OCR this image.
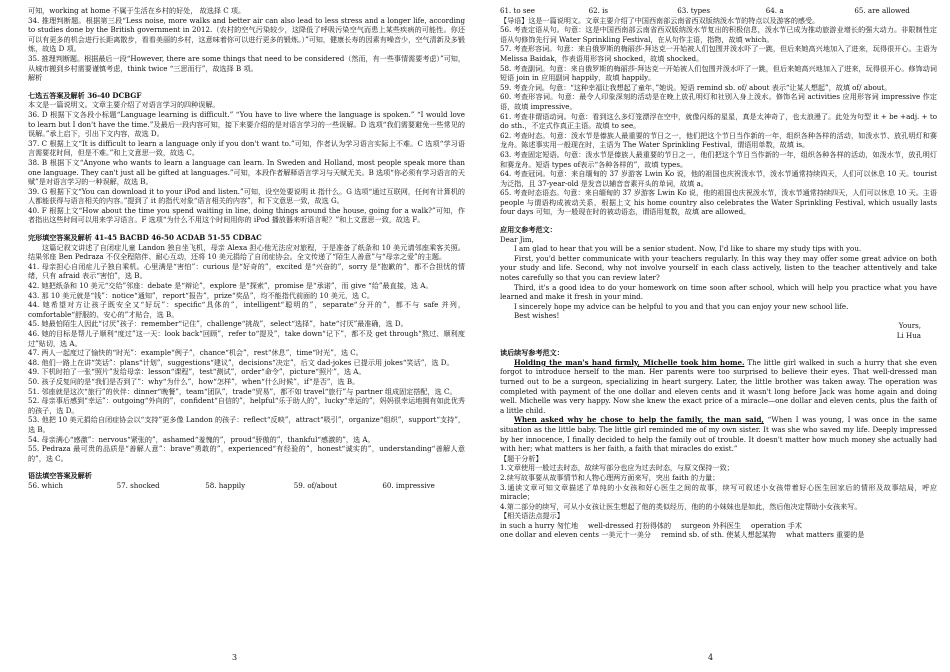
可知，working at home 不属于生活在乡村的好处， 故选择 C 项。

34. 推理判断题。根据第三段“Less noise, more walks and better air can also lead to less stress and a longer life, according to studies done by the British government in 2012.（农村的空气污染较少，这降低了呼吸污染空气而患上某些疾病的可能性。你还可以有更多的机会进行长距离散步，看看美丽的乡村，这意味着你可以进行更多的锻炼。）”可知，健康长寿的因素有噪音少，空气清新及多锻炼，故选 D 项。

35. 推理判断题。根据最后一段“However, there are some things that need to be considered（然而，有一些事情需要考虑）”可知，从城市搬到乡村需要谨慎考虑，think twice “三思而行”，故选择 B 项。

解析

七选五答案及解析 36-40 DCBGF

本文是一篇说明文。文章主要介绍了对语言学习的四种误解。

36. D 根据下文各段小标题“Language learning is difficult.” “You have to live where the language is spoken.” “I would love to learn but I don't have the time.”及最后一段内容可知，接下来要介绍的是对语言学习的一些误解。D 选项“我们需要避免一些常见的误解。”承上启下，引出下文内容，故选 D。

37. C 根据上文“It is difficult to learn a language only if you don't want to.”可知，作者认为学习语言实际上不难。C 选项“学习语言需要花时间，但是不难。”和上文意思一致，故选 C。

38. B 根据下文“Anyone who wants to learn a language can learn. In Sweden and Holland, most people speak more than one language. They can't just all be gifted at languages.”可知，本段作者解释语言学习与天赋无关。B 选项“你必须有学习语言的天赋”是对语言学习的一种误解，故选 B。

39. G 根据下文“You can download it to your iPod and listen.”可知，设空处要说明 it 指什么。G 选项“通过互联网，任何有计算机的人都能获得与语言相关的内容。”提到了 it 的指代对象“语言相关的内容”，和下文意思一致，故选 G。

40. F 根据上文“How about the time you spend waiting in line, doing things around the house, going for a walk?”可知，作者指出这些时间可以用来学习语言。F 选项“为什么不用这个时间用你的 iPod 播放器来听语言呢？”和上文意思一致，故选 F。

完形填空答案及解析 41-45 BACBD 46-50 ACDAB 51-55 CDBAC

这篇记叙文讲述了自闭症儿童 Landon 独自坐飞机，母亲 Alexa 担心他无法应对旅程，于是准备了纸条和 10 美元请邻座乘客关照。结果邻座 Ben Pedraza 不仅全程陪伴、耐心互动，还将 10 美元捐给了自闭症协会。全文传递了“陌生人善意”与“母亲之爱”的主题。

41. 母亲担心自闭症儿子独自乘机。心里满是“害怕”：curious 是“好奇的”，excited 是“兴奋的”，sorry 是“抱歉的”，都不合担忧的情绪，只有 afraid 表示“害怕”，选 B。

42. 她把纸条和 10 美元“交给”邻座：debate 是“辩论”，explore 是“探索”，promise 是“承诺”，而 give “给”最直接，选 A。

43. 那 10 美元就是“钱”：notice“通知”，report“报告”，prize“奖品”，均不能指代前面的 10 美元，选 C。

44. 她希望对方让孩子既安全又“好玩”：specific“具体的”，intelligent“聪明的”，separate“分开的”，都不与 safe 并列，comfortable“舒服的、安心的”才贴合，选 B。

45. 她最怕陌生人因此“讨厌”孩子：remember“记住”，challenge“挑战”，select“选择”，hate“讨厌”最准确，选 D。

46. 她的目标是帮儿子顺利“度过”这一天：look back“回顾”，refer to“提及”，take down“记下”，都不及 get through“熬过、顺利度过”贴切，选 A。

47. 两人一起度过了愉快的“时光”：example“例子”，chance“机会”，rest“休息”，time“时光”，选 C。

48. 他们一路上在讲“笑话”：plans“计划”，suggestions“建议”，decisions“决定”，后文 dad-jokes 已提示用 jokes“笑话”，选 D。

49. 下机时拍了一张“照片”发给母亲：lesson“课程”，test“测试”，order“命令”，picture“照片”，选 A。

50. 孩子反复问的是“我们是否到了”：why“为什么”，how“怎样”，when“什么时候”，if“是否”，选 B。

51. 邻座就是这次“旅行”的伙伴：dinner“晚餐”，team“团队”，trade“贸易”，都不如 travel“旅行”与 partner 组成固定搭配，选 C。

52. 母亲事后感到“幸运”：outgoing“外向的”，confident“自信的”，helpful“乐于助人的”，lucky“幸运的”，妈妈很幸运地拥有如此优秀的孩子，选 D。

53. 他把 10 美元捐给自闭症协会以“支持”更多像 Landon 的孩子：reflect“反映”，attract“吸引”，organize“组织”，support“支持”，选 B。

54. 母亲满心“感激”：nervous“紧张的”，ashamed“羞愧的”，proud“骄傲的”，thankful“感激的”，选 A。

55. Pedraza 最可贵的品质是“善解人意”：brave“勇敢的”，experienced“有经验的”，honest“诚实的”，understanding“善解人意的”，选 C。

语法填空答案及解析

56. which	57. shocked	58. happily	59. of/about	60. impressive
61. to see	62. is	63. types	64. a	65. are allowed

【导语】这是一篇说明文。文章主要介绍了中国西南部云南省西双版纳泼水节的特点以及游客的感受。

56. 考查定语从句。句意：这是中国西南部云南省西双版纳泼水节复出的积极信息，泼水节已成为推动旅游业增长的强大动力。非限制性定语从句修饰先行词 Water Sprinkling Festival，在从句作主语，指物，故填 which。

57. 考查形容词。句意：来自俄罗斯的梅丽莎·拜达克一开始被人们包围并泼水吓了一跳，但后来她高兴地加入了进来，玩得很开心。主语为 Melissa Baidak，作表语用形容词 shocked，故填 shocked。

58. 考查副词。句意：来自俄罗斯的梅丽莎·拜达克一开始被人们包围并泼水吓了一跳，但后来她高兴地加入了进来，玩得很开心。修饰动词短语 join in 应用副词 happily，故填 happily。

59. 考查介词。句意：“这种幸福让我想起了童年，”她说。短语 remind sb. of/ about 表示“让某人想起”，故填 of/ about。

60. 考查形容词。句意：最令人印象深刻的活动是在晚上放孔明灯和社别入身上泼水。修饰名词 activities 应用形容词 impressive 作定语，故填 impressive。

61. 考查非谓语动词。句意：看到这么多灯笼漂浮在空中，就像闪烁的星星，真是太神奇了，也太浪漫了。此处为句型 it + be +adj. + to do sth.，不定式作真正主语。故填 to see。

62. 考查时态。句意：泼水节是傣族人最重要的节日之一，他们把这个节日当作新的一年，组织各种各样的活动，如泼水节、放孔明灯和赛龙舟。陈述事实用一般现在时，主语为 The Water Sprinkling Festival，谓语用单数，故填 is。

63. 考查固定短语。句意：泼水节是傣族人最重要的节日之一，他们把这个节日当作新的一年，组织各种各样的活动，如泼水节，放孔明灯和赛龙舟。短语 types of表示“各种各样的”，故填 types。

64. 考查冠词。句意：来自缅甸的 37 岁游客 Lwin Ko 说，他的祖国也庆祝泼水节，泼水节通常持续四天，人们可以休息 10 天。tourist 为泛指，且 37-year-old 是发音以辅音音素开头的单词，故填 a。

65. 考查时态语态。句意：来自缅甸的 37 岁游客 Lwin Ko 说，他的祖国也庆祝泼水节，泼水节通常持续四天，人们可以休息 10 天。主语 people 与谓语构成被动关系，根据上文 his home country also celebrates the Water Sprinkling Festival, which usually lasts four days 可知，为一般现在时的被动语态，谓语用复数，故填 are allowed。

应用文参考范文：

Dear Jim,

I am glad to hear that you will be a senior student. Now, I'd like to share my study tips with you.

First, you'd better communicate with your teachers regularly. In this way they may offer some great advice on both your study and life. Second, why not involve yourself in each class actively, listen to the teacher attentively and take notes carefully so that you can review later?

Third, it's a good idea to do your homework on time soon after school, which will help you practice what you have learned and make it fresh in your mind.

I sincerely hope my advice can be helpful to you and that you can enjoy your new school life.

Best wishes!

Yours,

Li Hua

读后续写参考范文：

Holding the man's hand firmly, Michelle took him home. The little girl walked in such a hurry that she even forgot to introduce herself to the man. Her parents were too surprised to believe their eyes. That well-dressed man turned out to be a surgeon, specializing in heart surgery. Later, the little brother was taken away. The operation was completed with payment of the one dollar and eleven cents and it wasn't long before Jack was home again and doing well. Michelle was very happy. Now she knew the exact price of a miracle—one dollar and eleven cents, plus the faith of a little child.

When asked why he chose to help the family, the man said, “When I was young, I was once in the same situation as the little baby. The little girl reminded me of my own sister. It was she who saved my life. Deeply impressed by her innocence, I finally decided to help the family out of trouble. It doesn't matter how much money she actually had with her; what matters is her faith, a faith that miracles do exist.”

【题干分析】

1.文章使用一般过去时态，故续写部分也应为过去时态，与原文保持一致；

2.续写故事要从故事情节和人物心理两方面来写，突出 faith 的力量；

3.通读文章可知文章描述了单纯的小女孩和好心医生之间的故事，续写可叙述小女孩带着好心医生回家后的情形及故事结局，呼应 miracle；

4.第二部分的续写，可从小女孩让医生想起了他的类似经历，他的的小妹妹也是如此，然后他决定帮助小女孩来写。

【相关语法点提示】

in such a hurry 匆忙地 well-dressed 打扮得体的 surgeon 外科医生 operation 手术
one dollar and eleven cents 一美元十一美分 remind sb. of sth. 使某人想起某物 what matters 重要的是
3	4
